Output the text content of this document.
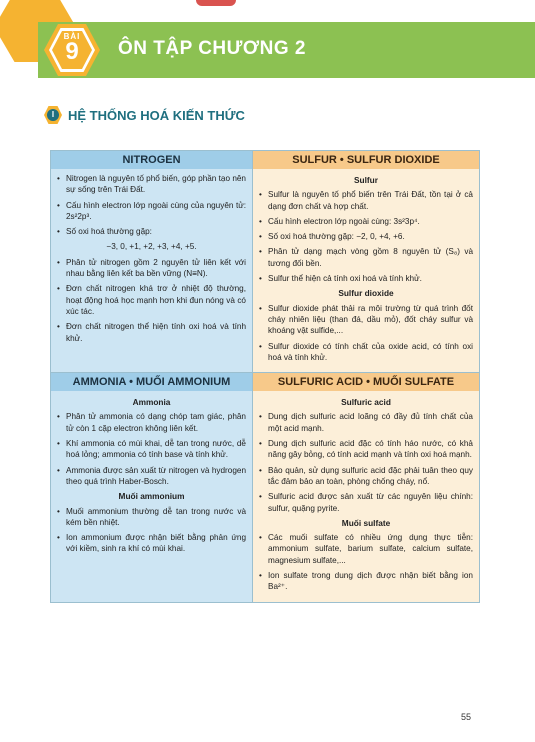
BÀI
9	ÔN TẬP CHƯƠNG 2
I	HỆ THỐNG HOÁ KIẾN THỨC
NITROGEN	SULFUR • SULFUR DIOXIDE
• Nitrogen là nguyên tố phổ biến, góp phần tạo nên sự sống trên Trái Đất.
• Cấu hình electron lớp ngoài cùng của nguyên tử: 2s²2p³.
• Số oxi hoá thường gặp:
−3, 0, +1, +2, +3, +4, +5.
• Phân tử nitrogen gồm 2 nguyên tử liên kết với nhau bằng liên kết ba bền vững (N≡N).
• Đơn chất nitrogen khá trơ ở nhiệt độ thường, hoạt động hoá học mạnh hơn khi đun nóng và có xúc tác.
• Đơn chất nitrogen thể hiện tính oxi hoá và tính khử.
Sulfur
• Sulfur là nguyên tố phổ biến trên Trái Đất, tồn tại ở cả dạng đơn chất và hợp chất.
• Cấu hình electron lớp ngoài cùng: 3s²3p⁴.
• Số oxi hoá thường gặp: −2, 0, +4, +6.
• Phân tử dạng mạch vòng gồm 8 nguyên tử (S₈) và tương đối bền.
• Sulfur thể hiện cả tính oxi hoá và tính khử.
Sulfur dioxide
• Sulfur dioxide phát thải ra môi trường từ quá trình đốt cháy nhiên liệu (than đá, dầu mỏ), đốt cháy sulfur và khoáng vật sulfide,...
• Sulfur dioxide có tính chất của oxide acid, có tính oxi hoá và tính khử.
AMMONIA • MUỐI AMMONIUM	SULFURIC ACID • MUỐI SULFATE
Ammonia
• Phân tử ammonia có dạng chóp tam giác, phân tử còn 1 cặp electron không liên kết.
• Khí ammonia có mùi khai, dễ tan trong nước, dễ hoá lỏng; ammonia có tính base và tính khử.
• Ammonia được sản xuất từ nitrogen và hydrogen theo quá trình Haber-Bosch.
Muối ammonium
• Muối ammonium thường dễ tan trong nước và kém bền nhiệt.
• Ion ammonium được nhận biết bằng phản ứng với kiềm, sinh ra khí có mùi khai.
Sulfuric acid
• Dung dịch sulfuric acid loãng có đầy đủ tính chất của một acid mạnh.
• Dung dịch sulfuric acid đặc có tính háo nước, có khả năng gây bỏng, có tính acid mạnh và tính oxi hoá mạnh.
• Bảo quản, sử dụng sulfuric acid đặc phải tuân theo quy tắc đảm bảo an toàn, phòng chống cháy, nổ.
• Sulfuric acid được sản xuất từ các nguyên liệu chính: sulfur, quặng pyrite.
Muối sulfate
• Các muối sulfate có nhiều ứng dụng thực tiễn: ammonium sulfate, barium sulfate, calcium sulfate, magnesium sulfate,...
• Ion sulfate trong dung dịch được nhận biết bằng ion Ba²⁺.
55
